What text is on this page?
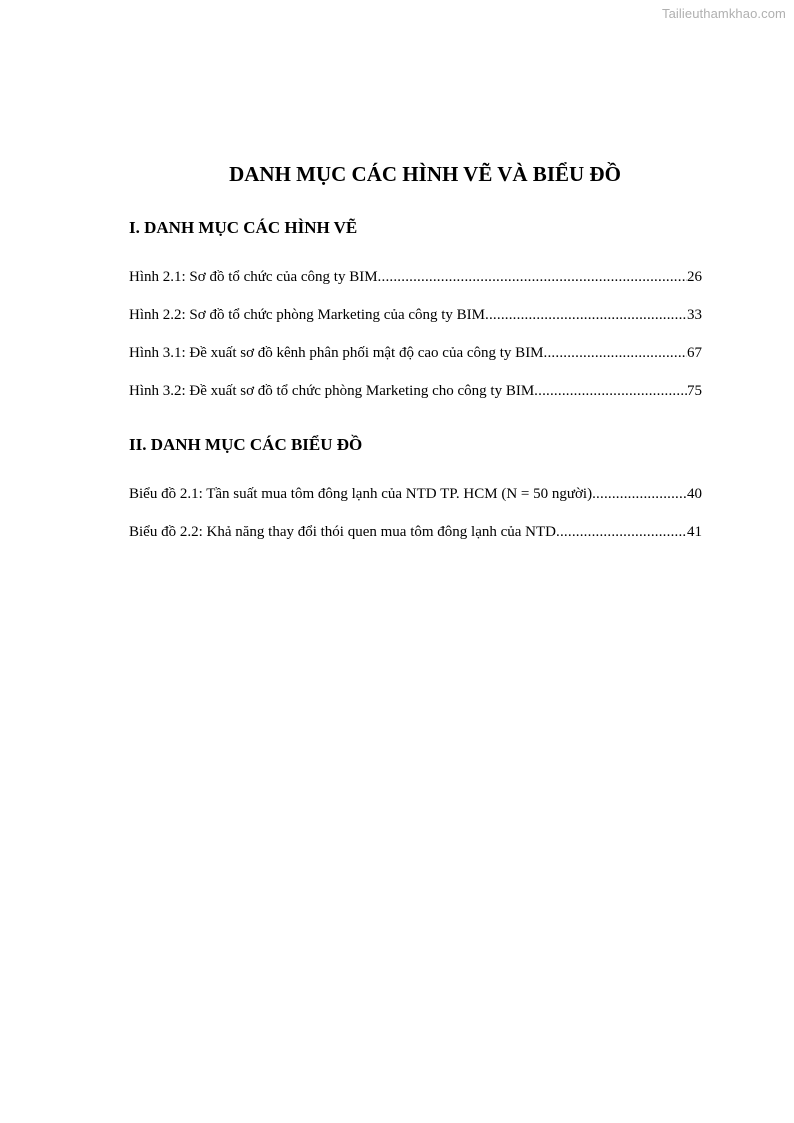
Tailieuthamkhao.com
DANH MỤC CÁC HÌNH VẼ VÀ BIỂU ĐỒ
I. DANH MỤC CÁC HÌNH VẼ
Hình 2.1: Sơ đồ tổ chức của công ty BIM .....	26
Hình 2.2: Sơ đồ tổ chức phòng Marketing của công ty BIM .....	33
Hình 3.1: Đề xuất sơ đồ kênh phân phối mật độ cao của công ty BIM .....	67
Hình 3.2: Đề xuất sơ đồ tổ chức phòng Marketing cho công ty BIM .....	75
II. DANH MỤC CÁC BIỂU ĐỒ
Biểu đồ 2.1: Tần suất mua tôm đông lạnh của NTD TP. HCM (N = 50 người) .....	40
Biểu đồ 2.2: Khả năng thay đổi thói quen mua tôm đông lạnh của NTD .....	41
